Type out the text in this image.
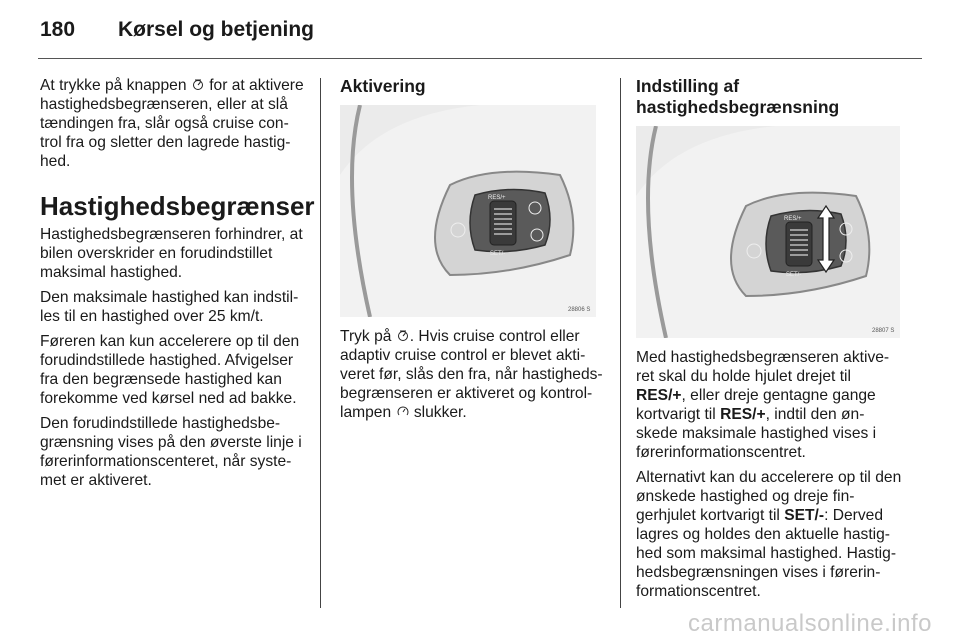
180	Kørsel og betjening

At trykke på knappen for at aktivere hastighedsbegrænseren, eller at slå tændingen fra, slår også cruise con-trol fra og sletter den lagrede hastig-hed.

Hastighedsbegrænser

Hastighedsbegrænseren forhindrer, at bilen overskrider en forudindstillet maksimal hastighed.

Den maksimale hastighed kan indstil-les til en hastighed over 25 km/t.

Føreren kan kun accelerere op til den forudindstillede hastighed. Afvigelser fra den begrænsede hastighed kan forekomme ved kørsel ned ad bakke.

Den forudindstillede hastighedsbe-grænsning vises på den øverste linje i førerinformationscenteret, når syste-met er aktiveret.

Aktivering
RES/+
SET/-
28806 S

Tryk på . Hvis cruise control eller adaptiv cruise control er blevet akti-veret før, slås den fra, når hastigheds-begrænseren er aktiveret og kontrol-lampen slukker.

Indstilling af hastighedsbegrænsning
RES/+
SET/-
28807 S

Med hastighedsbegrænseren aktive-ret skal du holde hjulet drejet til RES/+, eller dreje gentagne gange kortvarigt til RES/+, indtil den øn-skede maksimale hastighed vises i førerinformationscentret.

Alternativt kan du accelerere op til den ønskede hastighed og dreje fin-gerhjulet kortvarigt til SET/-: Derved lagres og holdes den aktuelle hastig-hed som maksimal hastighed. Hastig-hedsbegrænsningen vises i førerin-formationscentret.

carmanualsonline.info
